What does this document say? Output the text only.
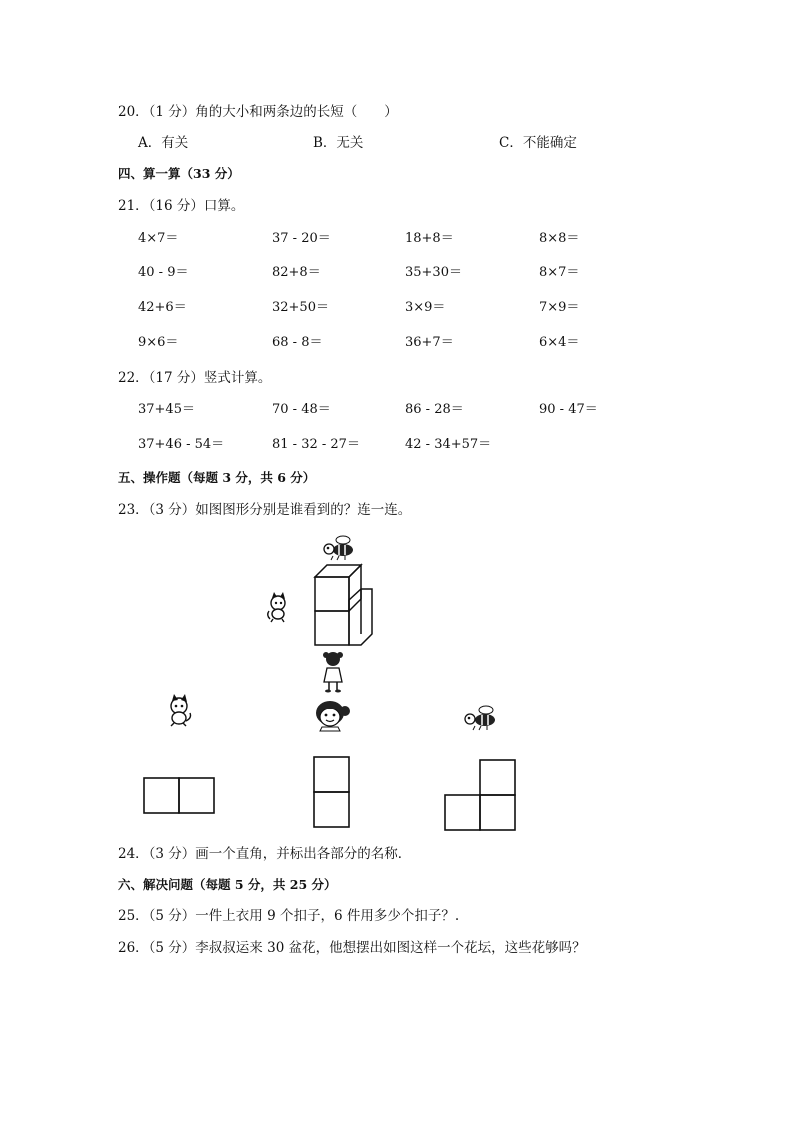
20．（1 分）角的大小和两条边的长短（　　）
A．有关	B．无关	C．不能确定
四、算一算（33 分）
21．（16 分）口算。
4×7＝	37 - 20＝	18+8＝	8×8＝
40 - 9＝	82+8＝	35+30＝	8×7＝
42+6＝	32+50＝	3×9＝	7×9＝
9×6＝	68 - 8＝	36+7＝	6×4＝
22．（17 分）竖式计算。
37+45＝	70 - 48＝	86 - 28＝	90 - 47＝
37+46 - 54＝	81 - 32 - 27＝	42 - 34+57＝
五、操作题（每题 3 分，共 6 分）
23．（3 分）如图图形分别是谁看到的？连一连。
24．（3 分）画一个直角，并标出各部分的名称．
六、解决问题（每题 5 分，共 25 分）
25．（5 分）一件上衣用 9 个扣子，6 件用多少个扣子？.
26．（5 分）李叔叔运来 30 盆花，他想摆出如图这样一个花坛，这些花够吗？
